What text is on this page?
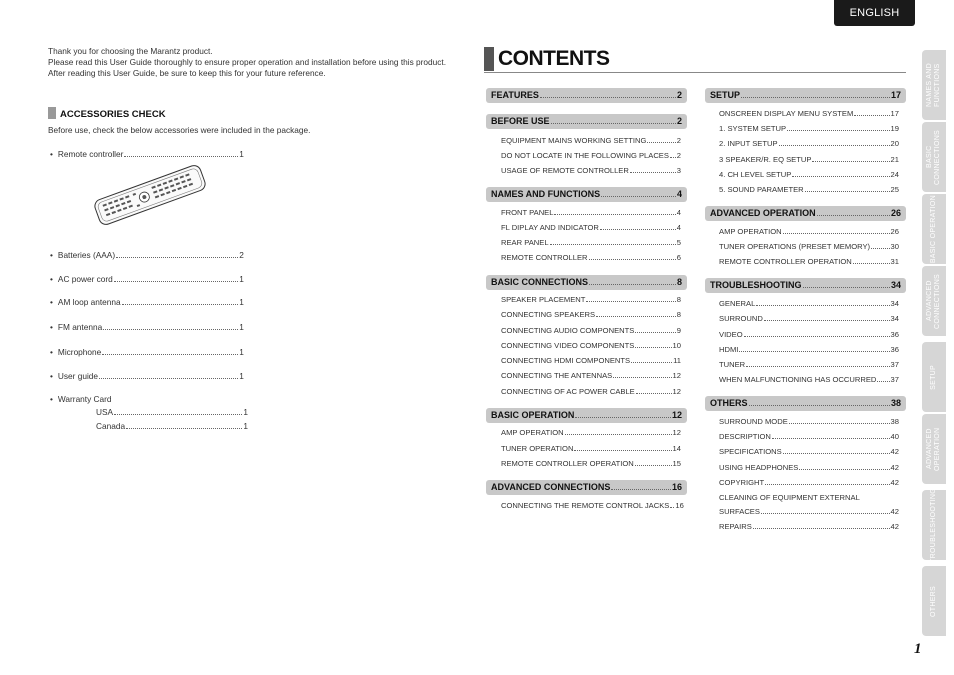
ENGLISH

Thank you for choosing the Marantz product.

Please read this User Guide thoroughly to ensure proper operation and installation before using this product.

After reading this User Guide, be sure to keep this for your future reference.

ACCESSORIES CHECK
Before use, check the below accessories were included in the package.
• Remote controller	1
• Batteries (AAA)	2
• AC power cord	1
• AM loop antenna	1
• FM antenna	1
• Microphone	1
• User guide	1
• Warranty Card
USA	1
Canada	1
CONTENTS
FEATURES	2
BEFORE USE	2
EQUIPMENT MAINS WORKING SETTING	2
DO NOT LOCATE IN THE FOLLOWING PLACES 2
USAGE OF REMOTE CONTROLLER	3
NAMES AND FUNCTIONS	4
FRONT PANEL	4
FL DIPLAY AND INDICATOR	4
REAR PANEL	5
REMOTE CONTROLLER	6
BASIC CONNECTIONS	8
SPEAKER PLACEMENT	8
CONNECTING SPEAKERS	8
CONNECTING AUDIO COMPONENTS	9
CONNECTING VIDEO COMPONENTS	10
CONNECTING HDMI COMPONENTS	11
CONNECTING THE ANTENNAS	12
CONNECTING OF AC POWER CABLE	12
BASIC OPERATION	12
AMP OPERATION	12
TUNER OPERATION	14
REMOTE CONTROLLER OPERATION	15
ADVANCED CONNECTIONS	16
CONNECTING THE REMOTE CONTROL JACKS 16
SETUP	17
ONSCREEN DISPLAY MENU SYSTEM	17
1. SYSTEM SETUP	19
2. INPUT SETUP	20
3 SPEAKER/R. EQ SETUP	21
4. CH LEVEL SETUP	24
5. SOUND PARAMETER	25
ADVANCED OPERATION	26
AMP OPERATION	26
TUNER OPERATIONS (PRESET MEMORY)	30
REMOTE CONTROLLER OPERATION	31
TROUBLESHOOTING	34
GENERAL	34
SURROUND	34
VIDEO	36
HDMI	36
TUNER	37
WHEN MALFUNCTIONING HAS OCCURRED 37
OTHERS	38
SURROUND MODE	38
DESCRIPTION	40
SPECIFICATIONS	42
USING HEADPHONES	42
COPYRIGHT	42
CLEANING OF EQUIPMENT EXTERNAL
SURFACES	42
REPAIRS	42
NAMES AND FUNCTIONS
BASIC CONNECTIONS
BASIC OPERATION
ADVANCED CONNECTIONS
SETUP
ADVANCED OPERATION
TROUBLESHOOTING
OTHERS
1
